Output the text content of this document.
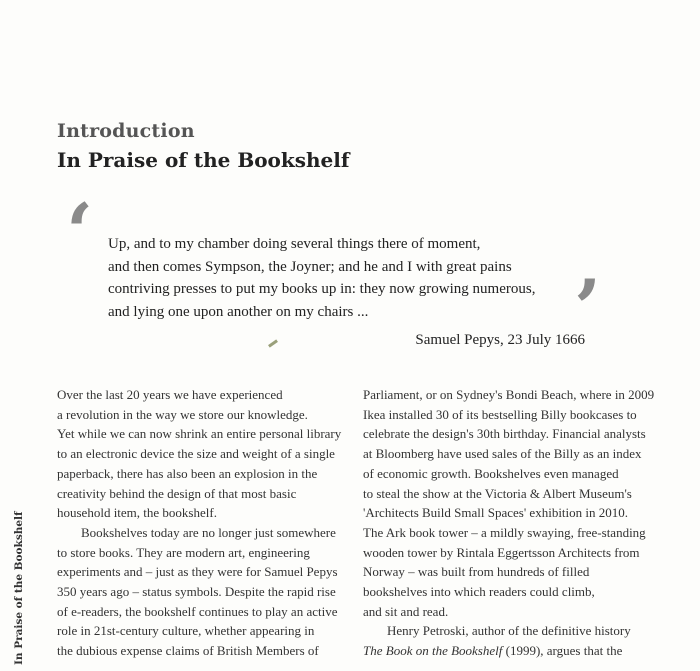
Introduction
In Praise of the Bookshelf
‘ Up, and to my chamber doing several things there of moment,
and then comes Sympson, the Joyner; and he and I with great pains
contriving presses to put my books up in: they now growing numerous,
and lying one upon another on my chairs ...	’
Samuel Pepys, 23 July 1666
Over the last 20 years we have experienced
a revolution in the way we store our knowledge.
Yet while we can now shrink an entire personal library
to an electronic device the size and weight of a single
paperback, there has also been an explosion in the
creativity behind the design of that most basic
household item, the bookshelf.
Bookshelves today are no longer just somewhere
to store books. They are modern art, engineering
experiments and – just as they were for Samuel Pepys
350 years ago – status symbols. Despite the rapid rise
of e-readers, the bookshelf continues to play an active
role in 21st-century culture, whether appearing in
the dubious expense claims of British Members of
Parliament, or on Sydney's Bondi Beach, where in 2009
Ikea installed 30 of its bestselling Billy bookcases to
celebrate the design's 30th birthday. Financial analysts
at Bloomberg have used sales of the Billy as an index
of economic growth. Bookshelves even managed
to steal the show at the Victoria & Albert Museum's
'Architects Build Small Spaces' exhibition in 2010.
The Ark book tower – a mildly swaying, free-standing
wooden tower by Rintala Eggertsson Architects from
Norway – was built from hundreds of filled
bookshelves into which readers could climb,
and sit and read.
Henry Petroski, author of the definitive history
The Book on the Bookshelf (1999), argues that the
In Praise of the Bookshelf
